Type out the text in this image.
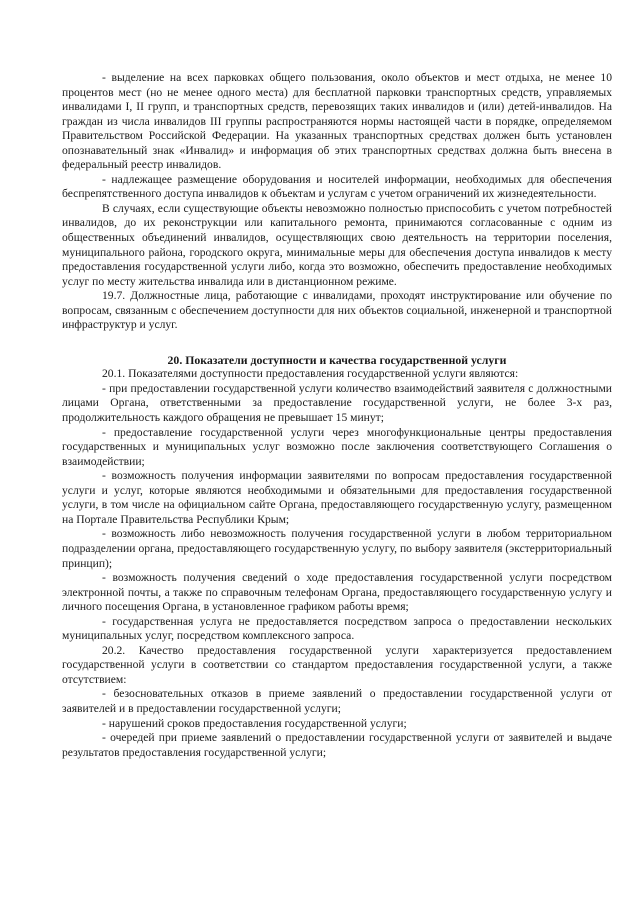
- выделение на всех парковках общего пользования, около объектов и мест отдыха, не менее 10 процентов мест (но не менее одного места) для бесплатной парковки транспортных средств, управляемых инвалидами I, II групп, и транспортных средств, перевозящих таких инвалидов и (или) детей-инвалидов. На граждан из числа инвалидов III группы распространяются нормы настоящей части в порядке, определяемом Правительством Российской Федерации. На указанных транспортных средствах должен быть установлен опознавательный знак «Инвалид» и информация об этих транспортных средствах должна быть внесена в федеральный реестр инвалидов.

- надлежащее размещение оборудования и носителей информации, необходимых для обеспечения беспрепятственного доступа инвалидов к объектам и услугам с учетом ограничений их жизнедеятельности.

В случаях, если существующие объекты невозможно полностью приспособить с учетом потребностей инвалидов, до их реконструкции или капитального ремонта, принимаются согласованные с одним из общественных объединений инвалидов, осуществляющих свою деятельность на территории поселения, муниципального района, городского округа, минимальные меры для обеспечения доступа инвалидов к месту предоставления государственной услуги либо, когда это возможно, обеспечить предоставление необходимых услуг по месту жительства инвалида или в дистанционном режиме.

19.7. Должностные лица, работающие с инвалидами, проходят инструктирование или обучение по вопросам, связанным с обеспечением доступности для них объектов социальной, инженерной и транспортной инфраструктур и услуг.

20. Показатели доступности и качества государственной услуги

20.1. Показателями доступности предоставления государственной услуги являются:

- при предоставлении государственной услуги количество взаимодействий заявителя с должностными лицами Органа, ответственными за предоставление государственной услуги, не более 3-х раз, продолжительность каждого обращения не превышает 15 минут;

- предоставление государственной услуги через многофункциональные центры предоставления государственных и муниципальных услуг возможно после заключения соответствующего Соглашения о взаимодействии;

- возможность получения информации заявителями по вопросам предоставления государственной услуги и услуг, которые являются необходимыми и обязательными для предоставления государственной услуги, в том числе на официальном сайте Органа, предоставляющего государственную услугу, размещенном на Портале Правительства Республики Крым;

- возможность либо невозможность получения государственной услуги в любом территориальном подразделении органа, предоставляющего государственную услугу, по выбору заявителя (экстерриториальный принцип);

- возможность получения сведений о ходе предоставления государственной услуги посредством электронной почты, а также по справочным телефонам Органа, предоставляющего государственную услугу и личного посещения Органа, в установленное графиком работы время;

- государственная услуга не предоставляется посредством запроса о предоставлении нескольких муниципальных услуг, посредством комплексного запроса.

20.2. Качество предоставления государственной услуги характеризуется предоставлением государственной услуги в соответствии со стандартом предоставления государственной услуги, а также отсутствием:

- безосновательных отказов в приеме заявлений о предоставлении государственной услуги от заявителей и в предоставлении государственной услуги;

- нарушений сроков предоставления государственной услуги;

- очередей при приеме заявлений о предоставлении государственной услуги от заявителей и выдаче результатов предоставления государственной услуги;
